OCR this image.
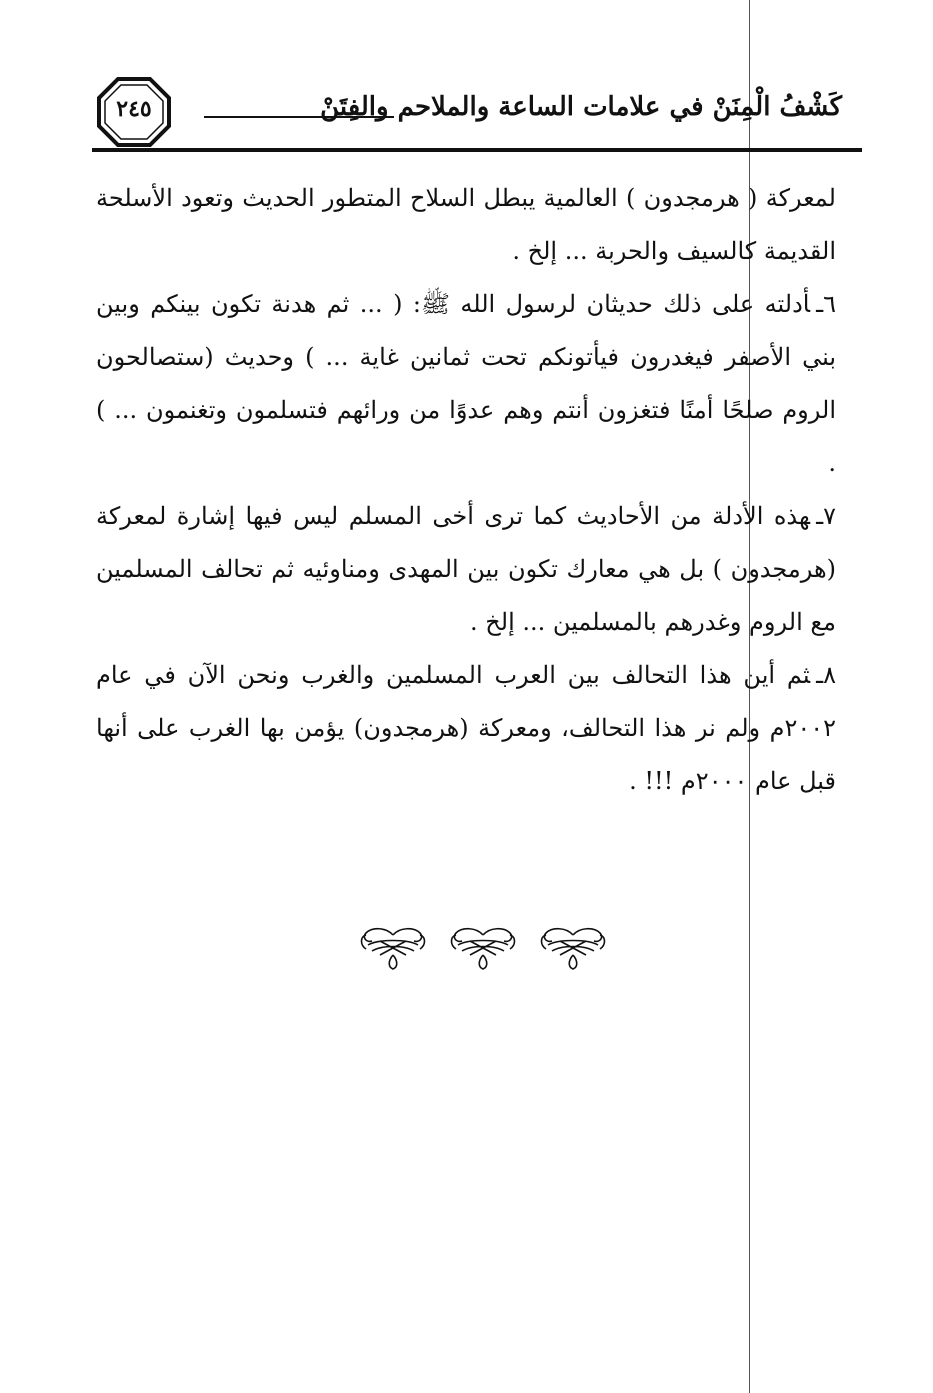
٢٤٥	كَشْفُ الْمِنَنْ في علامات الساعة والملاحم والفِتَنْ

لمعركة ( هرمجدون ) العالمية يبطل السلاح المتطور الحديث وتعود الأسلحة القديمة كالسيف والحربة ... إلخ .

٦ـأدلته على ذلك حديثان لرسول الله ﷺ: ( ... ثم هدنة تكون بينكم وبين بني الأصفر فيغدرون فيأتونكم تحت ثمانين غاية ... ) وحديث (ستصالحون الروم صلحًا أمنًا فتغزون أنتم وهم عدوًا من ورائهم فتسلمون وتغنمون ... ) .

٧ـهذه الأدلة من الأحاديث كما ترى أخى المسلم ليس فيها إشارة لمعركة (هرمجدون ) بل هي معارك تكون بين المهدى ومناوئيه ثم تحالف المسلمين مع الروم وغدرهم بالمسلمين ... إلخ .

٨ـثم أين هذا التحالف بين العرب المسلمين والغرب ونحن الآن في عام ٢٠٠٢م ولم نر هذا التحالف، ومعركة (هرمجدون) يؤمن بها الغرب على أنها قبل عام ٢٠٠٠م !!! .
